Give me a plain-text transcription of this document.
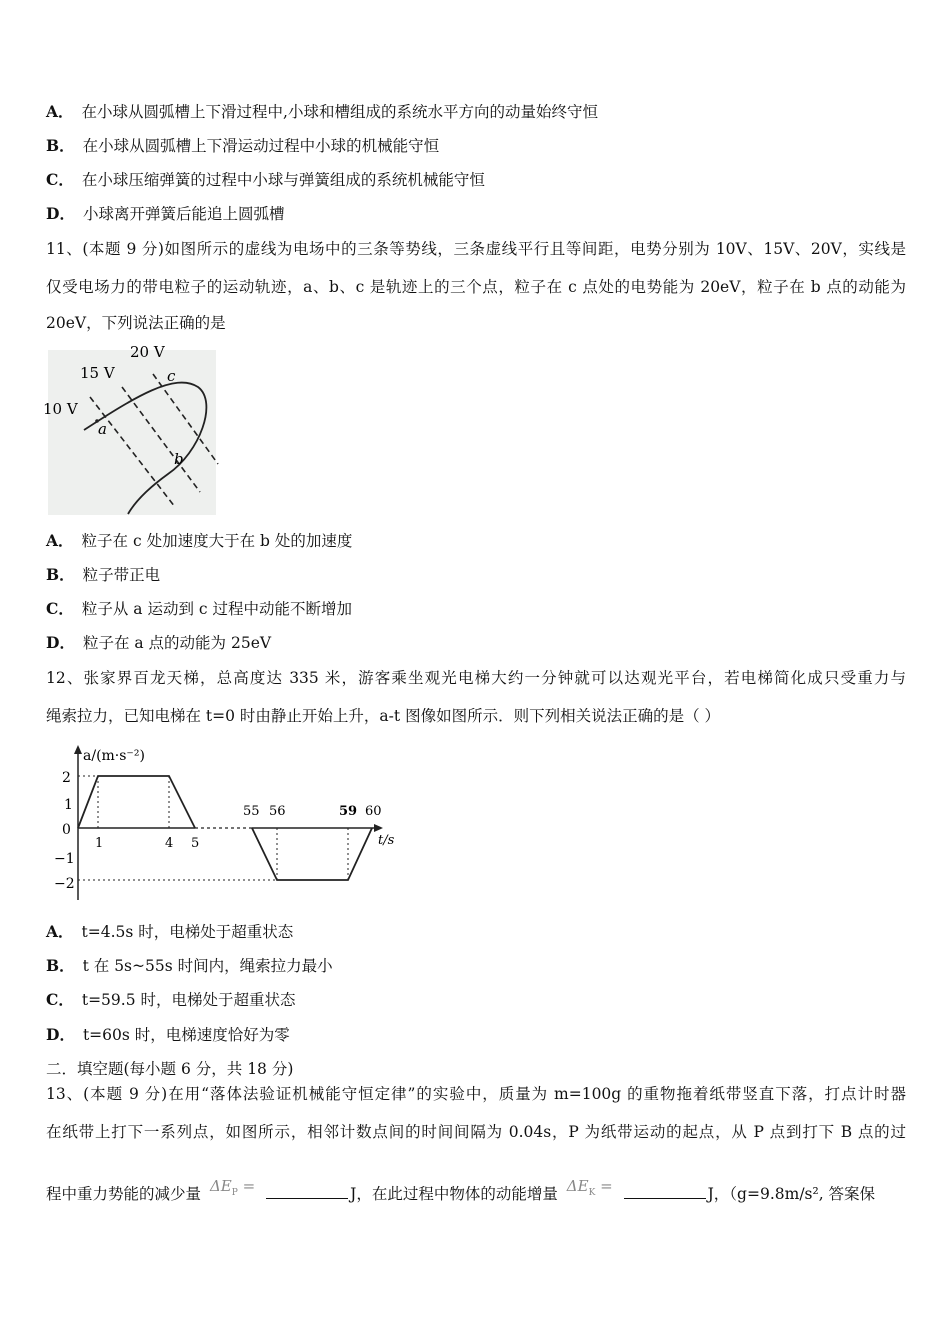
A． 在小球从圆弧槽上下滑过程中,小球和槽组成的系统水平方向的动量始终守恒
B． 在小球从圆弧槽上下滑运动过程中小球的机械能守恒
C． 在小球压缩弹簧的过程中小球与弹簧组成的系统机械能守恒
D． 小球离开弹簧后能追上圆弧槽
11、(本题 9 分)如图所示的虚线为电场中的三条等势线，三条虚线平行且等间距，电势分别为 10V、15V、20V，实线是
仅受电场力的带电粒子的运动轨迹，a、b、c 是轨迹上的三个点，粒子在 c 点处的电势能为 20eV，粒子在 b 点的动能为
20eV，下列说法正确的是
a
b
c
10 V
15 V
20 V
A． 粒子在 c 处加速度大于在 b 处的加速度
B． 粒子带正电
C． 粒子从 a 运动到 c 过程中动能不断增加
D． 粒子在 a 点的动能为 25eV
12、张家界百龙天梯，总高度达 335 米，游客乘坐观光电梯大约一分钟就可以达观光平台，若电梯简化成只受重力与
绳索拉力，已知电梯在 t=0 时由静止开始上升，a-t 图像如图所示．则下列相关说法正确的是（ ）
a/(m·s⁻²)
t/s
2
1
0
−1
−2
1	4 5
55 56	59 60
A． t=4.5s 时，电梯处于超重状态
B． t 在 5s~55s 时间内，绳索拉力最小
C． t=59.5 时，电梯处于超重状态
D． t=60s 时，电梯速度恰好为零
二．填空题(每小题 6 分，共 18 分)
13、(本题 9 分)在用“落体法验证机械能守恒定律”的实验中，质量为 m=100g 的重物拖着纸带竖直下落，打点计时器
在纸带上打下一系列点，如图所示，相邻计数点间的时间间隔为 0.04s，P 为纸带运动的起点，从 P 点到打下 B 点的过
程中重力势能的减少量 $\Delta E_P$ =	J，在此过程中物体的动能增量 $\Delta E_K$ =	J，（g=9.8m/s², 答案保
